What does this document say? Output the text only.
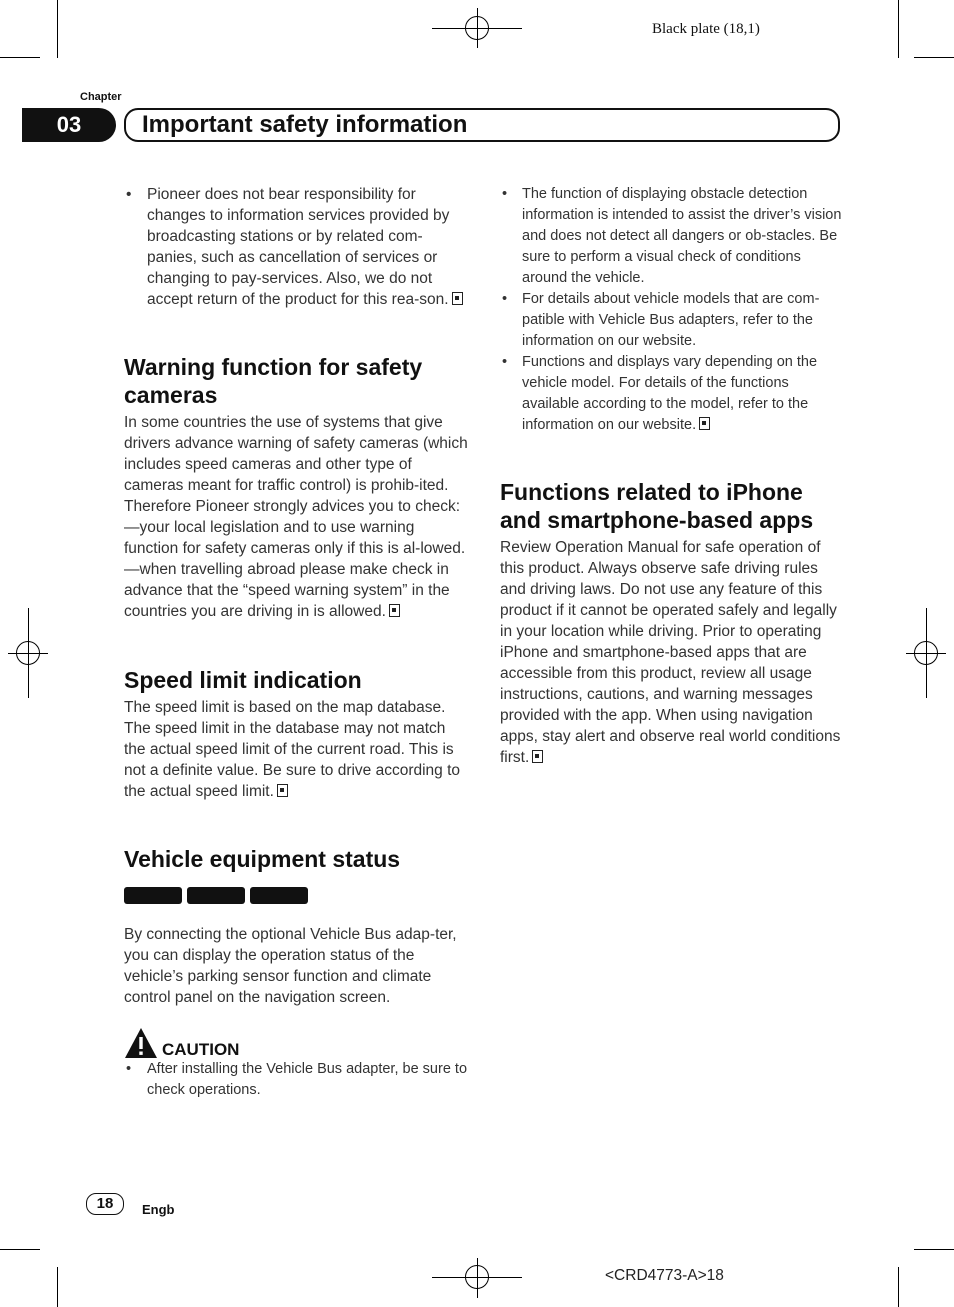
Black plate (18,1)
Chapter
03	Important safety information
• Pioneer does not bear responsibility for changes to information services provided by broadcasting stations or by related com-panies, such as cancellation of services or changing to pay-services. Also, we do not accept return of the product for this rea-son.
Warning function for safety cameras

In some countries the use of systems that give drivers advance warning of safety cameras (which includes speed cameras and other type of cameras meant for traffic control) is prohib-ited. Therefore Pioneer strongly advices you to check:

—your local legislation and to use warning function for safety cameras only if this is al-lowed.

—when travelling abroad please make check in advance that the “speed warning system” in the countries you are driving in is allowed.

Speed limit indication

The speed limit is based on the map database. The speed limit in the database may not match the actual speed limit of the current road. This is not a definite value. Be sure to drive according to the actual speed limit.

Vehicle equipment status

By connecting the optional Vehicle Bus adap-ter, you can display the operation status of the vehicle’s parking sensor function and climate control panel on the navigation screen.

CAUTION
• After installing the Vehicle Bus adapter, be sure to check operations.
• The function of displaying obstacle detection information is intended to assist the driver’s vision and does not detect all dangers or ob-stacles. Be sure to perform a visual check of conditions around the vehicle.
• For details about vehicle models that are com-patible with Vehicle Bus adapters, refer to the information on our website.
• Functions and displays vary depending on the vehicle model. For details of the functions available according to the model, refer to the information on our website.
Functions related to iPhone and smartphone-based apps

Review Operation Manual for safe operation of this product. Always observe safe driving rules and driving laws. Do not use any feature of this product if it cannot be operated safely and legally in your location while driving. Prior to operating iPhone and smartphone-based apps that are accessible from this product, review all usage instructions, cautions, and warning messages provided with the app. When using navigation apps, stay alert and observe real world conditions first.

18	Engb
<CRD4773-A>18
